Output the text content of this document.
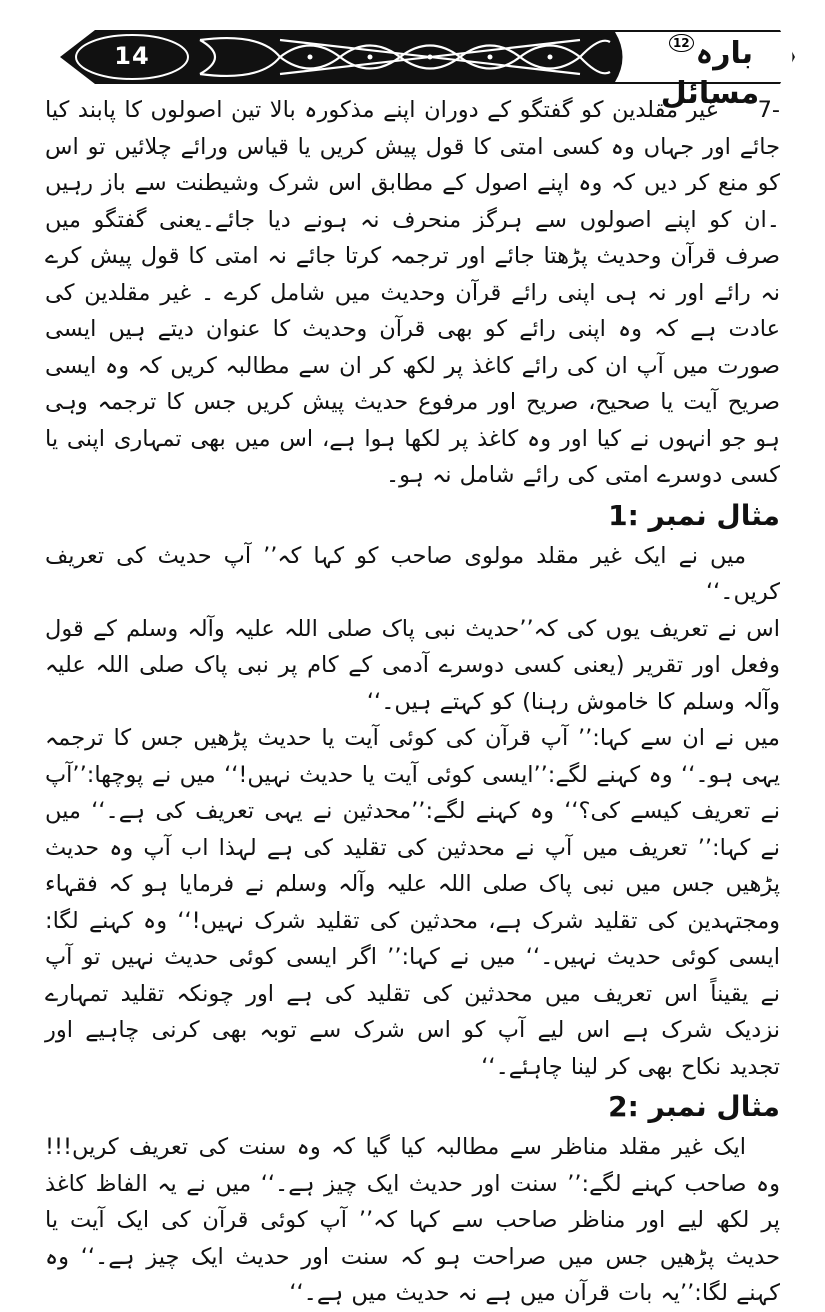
14	بارہ12مسائل

7-غیر مقلدین کو گفتگو کے دوران اپنے مذکورہ بالا تین اصولوں کا پابند کیا جائے اور جہاں وہ کسی امتی کا قول پیش کریں یا قیاس ورائے چلائیں تو اس کو منع کر دیں کہ وہ اپنے اصول کے مطابق اس شرک وشیطنت سے باز رہیں ۔ان کو اپنے اصولوں سے ہرگز منحرف نہ ہونے دیا جائے۔یعنی گفتگو میں صرف قرآن وحدیث پڑھتا جائے اور ترجمہ کرتا جائے نہ امتی کا قول پیش کرے نہ رائے اور نہ ہی اپنی رائے قرآن وحدیث میں شامل کرے ۔ غیر مقلدین کی عادت ہے کہ وہ اپنی رائے کو بھی قرآن وحدیث کا عنوان دیتے ہیں ایسی صورت میں آپ ان کی رائے کاغذ پر لکھ کر ان سے مطالبہ کریں کہ وہ ایسی صریح آیت یا صحیح، صریح اور مرفوع حدیث پیش کریں جس کا ترجمہ وہی ہو جو انہوں نے کیا اور وہ کاغذ پر لکھا ہوا ہے، اس میں بھی تمہاری اپنی یا کسی دوسرے امتی کی رائے شامل نہ ہو۔

مثال نمبر 1:

میں نے ایک غیر مقلد مولوی صاحب کو کہا کہ’’ آپ حدیث کی تعریف کریں۔‘‘

اس نے تعریف یوں کی کہ’’حدیث نبی پاک صلی اللہ علیہ وآلہ وسلم کے قول وفعل اور تقریر (یعنی کسی دوسرے آدمی کے کام پر نبی پاک صلی اللہ علیہ وآلہ وسلم کا خاموش رہنا) کو کہتے ہیں۔‘‘

میں نے ان سے کہا:’’ آپ قرآن کی کوئی آیت یا حدیث پڑھیں جس کا ترجمہ یہی ہو۔‘‘ وہ کہنے لگے:’’ایسی کوئی آیت یا حدیث نہیں!‘‘ میں نے پوچھا:’’آپ نے تعریف کیسے کی؟‘‘ وہ کہنے لگے:’’محدثین نے یہی تعریف کی ہے۔‘‘ میں نے کہا:’’ تعریف میں آپ نے محدثین کی تقلید کی ہے لہذا اب آپ وہ حدیث پڑھیں جس میں نبی پاک صلی اللہ علیہ وآلہ وسلم نے فرمایا ہو کہ فقہاء ومجتہدین کی تقلید شرک ہے، محدثین کی تقلید شرک نہیں!‘‘ وہ کہنے لگا: ایسی کوئی حدیث نہیں۔‘‘ میں نے کہا:’’ اگر ایسی کوئی حدیث نہیں تو آپ نے یقیناً اس تعریف میں محدثین کی تقلید کی ہے اور چونکہ تقلید تمہارے نزدیک شرک ہے اس لیے آپ کو اس شرک سے توبہ بھی کرنی چاہیے اور تجدید نکاح بھی کر لینا چاہئے۔‘‘

مثال نمبر 2:

ایک غیر مقلد مناظر سے مطالبہ کیا گیا کہ وہ سنت کی تعریف کریں!!! وہ صاحب کہنے لگے:’’ سنت اور حدیث ایک چیز ہے۔‘‘ میں نے یہ الفاظ کاغذ پر لکھ لیے اور مناظر صاحب سے کہا کہ’’ آپ کوئی قرآن کی ایک آیت یا حدیث پڑھیں جس میں صراحت ہو کہ سنت اور حدیث ایک چیز ہے۔‘‘ وہ کہنے لگا:’’یہ بات قرآن میں ہے نہ حدیث میں ہے۔‘‘
